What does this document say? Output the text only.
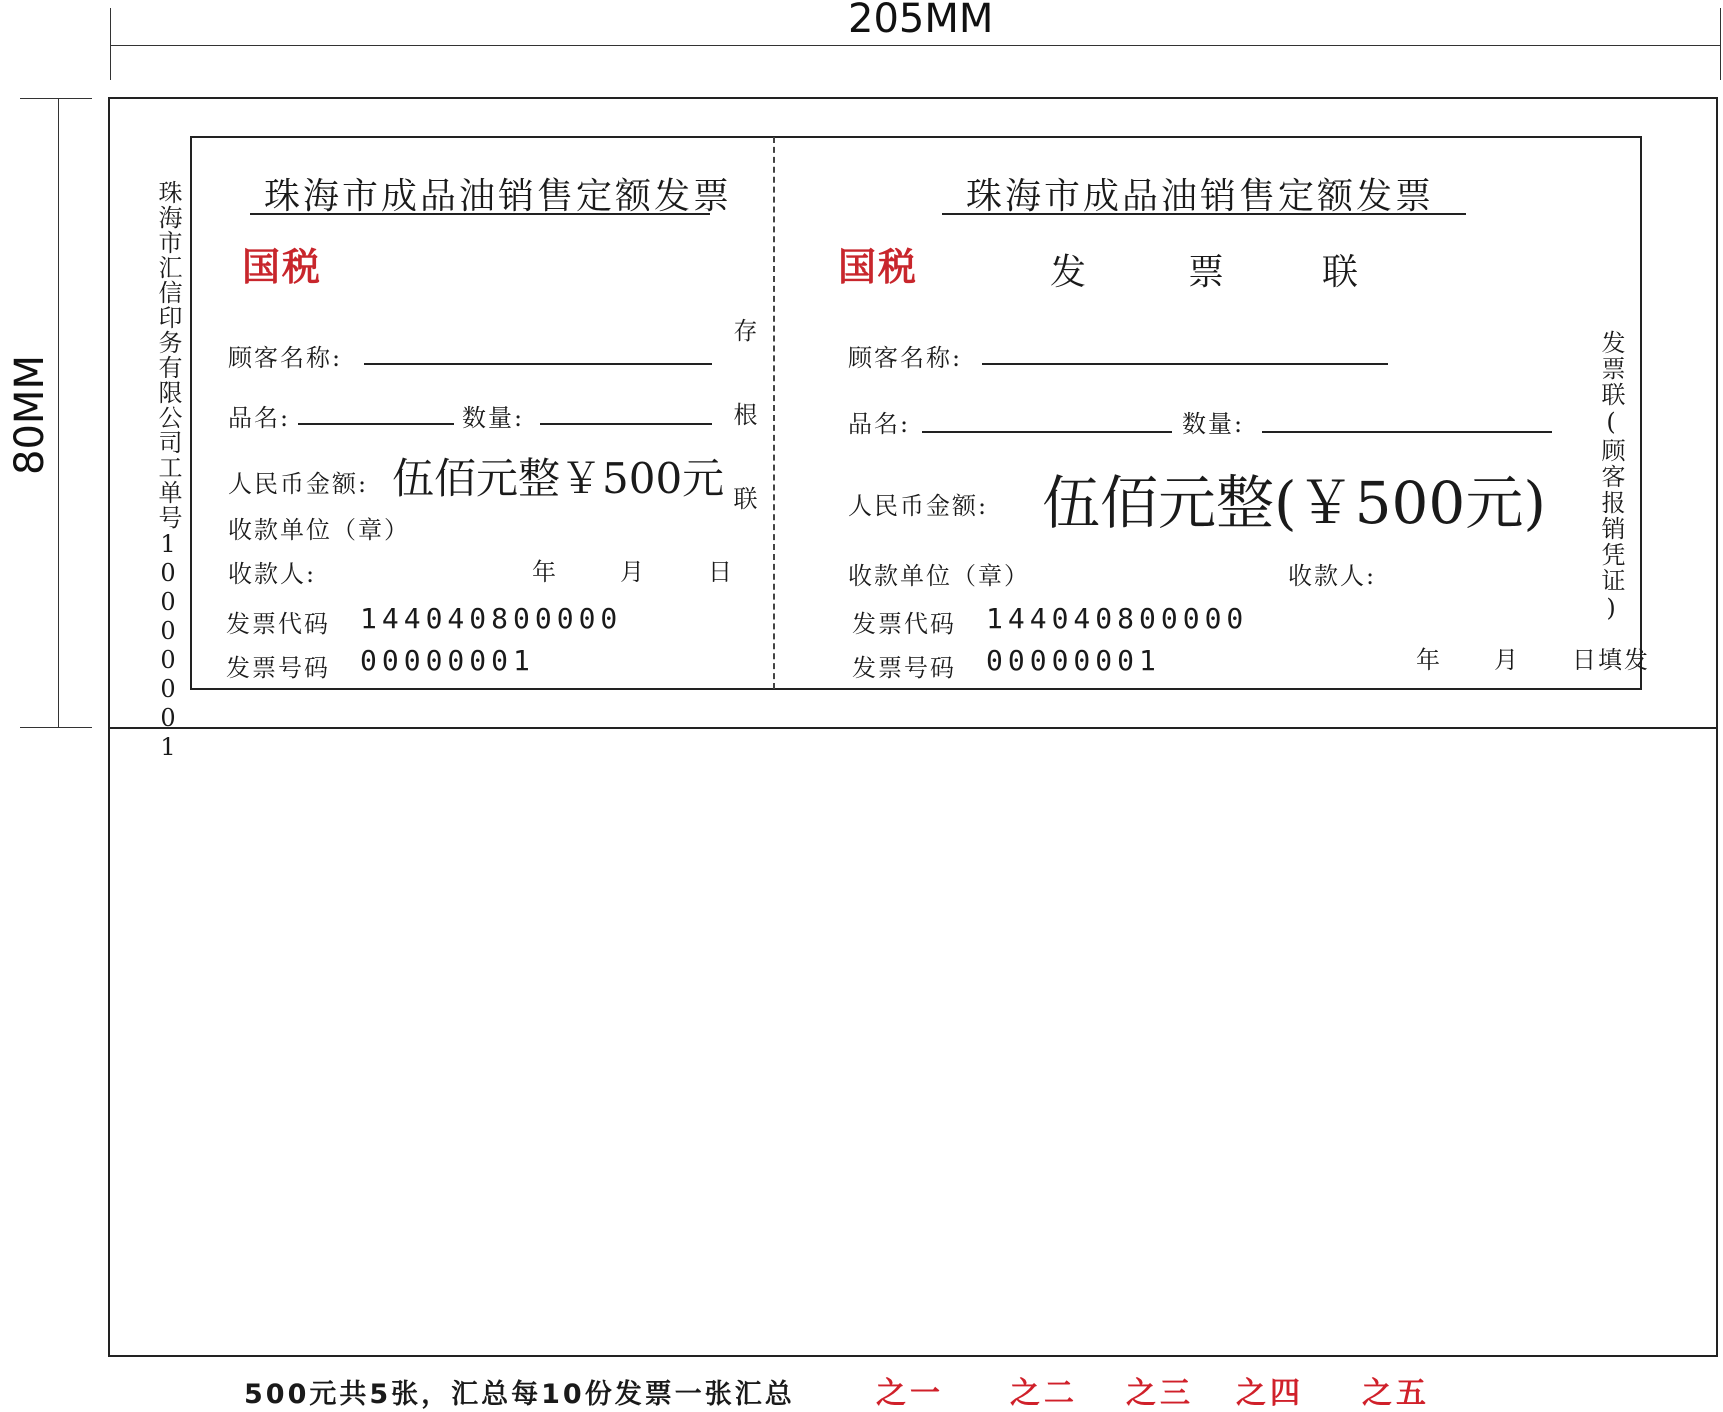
205MM
80MM	珠海市汇信印务有限公司工单号10000001 珠海市成品油销售定额发票
国税
存根联
顾客名称:
品名:	数量:
人民币金额: 伍佰元整￥500元
收款单位（章）
收款人:	年	月	日
发票代码 144040800000
发票号码 00000001
珠海市成品油销售定额发票
国税	发	票	联
发票联(顾客报销凭证)
顾客名称:
品名:	数量:
人民币金额: 伍佰元整(￥500元)
收款单位（章）	收款人:
发票代码 144040800000
发票号码 00000001	年　　月　　日填发
500元共5张，汇总每10份发票一张汇总	之一 之二 之三 之四 之五
